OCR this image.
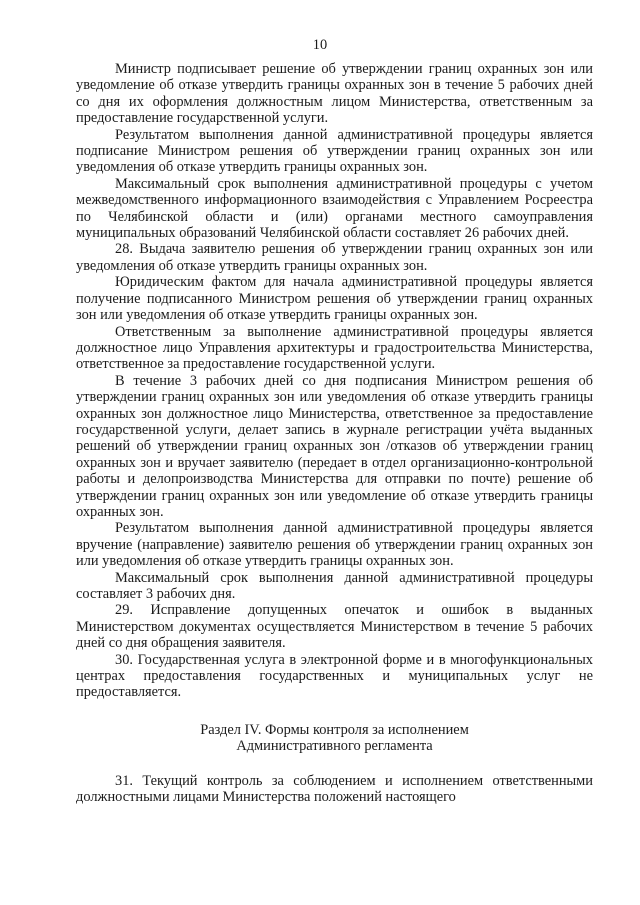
10

Министр подписывает решение об утверждении границ охранных зон или уведомление об отказе утвердить границы охранных зон в течение 5 рабочих дней со дня их оформления должностным лицом Министерства, ответственным за предоставление государственной услуги.

Результатом выполнения данной административной процедуры является подписание Министром решения об утверждении границ охранных зон или уведомления об отказе утвердить границы охранных зон.

Максимальный срок выполнения административной процедуры с учетом межведомственного информационного взаимодействия с Управлением Росреестра по Челябинской области и (или) органами местного самоуправления муниципальных образований Челябинской области составляет 26 рабочих дней.

28. Выдача заявителю решения об утверждении границ охранных зон или уведомления об отказе утвердить границы охранных зон.

Юридическим фактом для начала административной процедуры является получение подписанного Министром решения об утверждении границ охранных зон или уведомления об отказе утвердить границы охранных зон.

Ответственным за выполнение административной процедуры является должностное лицо Управления архитектуры и градостроительства Министерства, ответственное за предоставление государственной услуги.

В течение 3 рабочих дней со дня подписания Министром решения об утверждении границ охранных зон или уведомления об отказе утвердить границы охранных зон должностное лицо Министерства, ответственное за предоставление государственной услуги, делает запись в журнале регистрации учёта выданных решений об утверждении границ охранных зон /отказов об утверждении границ охранных зон и вручает заявителю (передает в отдел организационно-контрольной работы и делопроизводства Министерства для отправки по почте) решение об утверждении границ охранных зон или уведомление об отказе утвердить границы охранных зон.

Результатом выполнения данной административной процедуры является вручение (направление) заявителю решения об утверждении границ охранных зон или уведомления об отказе утвердить границы охранных зон.

Максимальный срок выполнения данной административной процедуры составляет 3 рабочих дня.

29. Исправление допущенных опечаток и ошибок в выданных Министерством документах осуществляется Министерством в течение 5 рабочих дней со дня обращения заявителя.

30. Государственная услуга в электронной форме и в многофункциональных центрах предоставления государственных и муниципальных услуг не предоставляется.

Раздел IV. Формы контроля за исполнением
Административного регламента

31. Текущий контроль за соблюдением и исполнением ответственными должностными лицами Министерства положений настоящего
